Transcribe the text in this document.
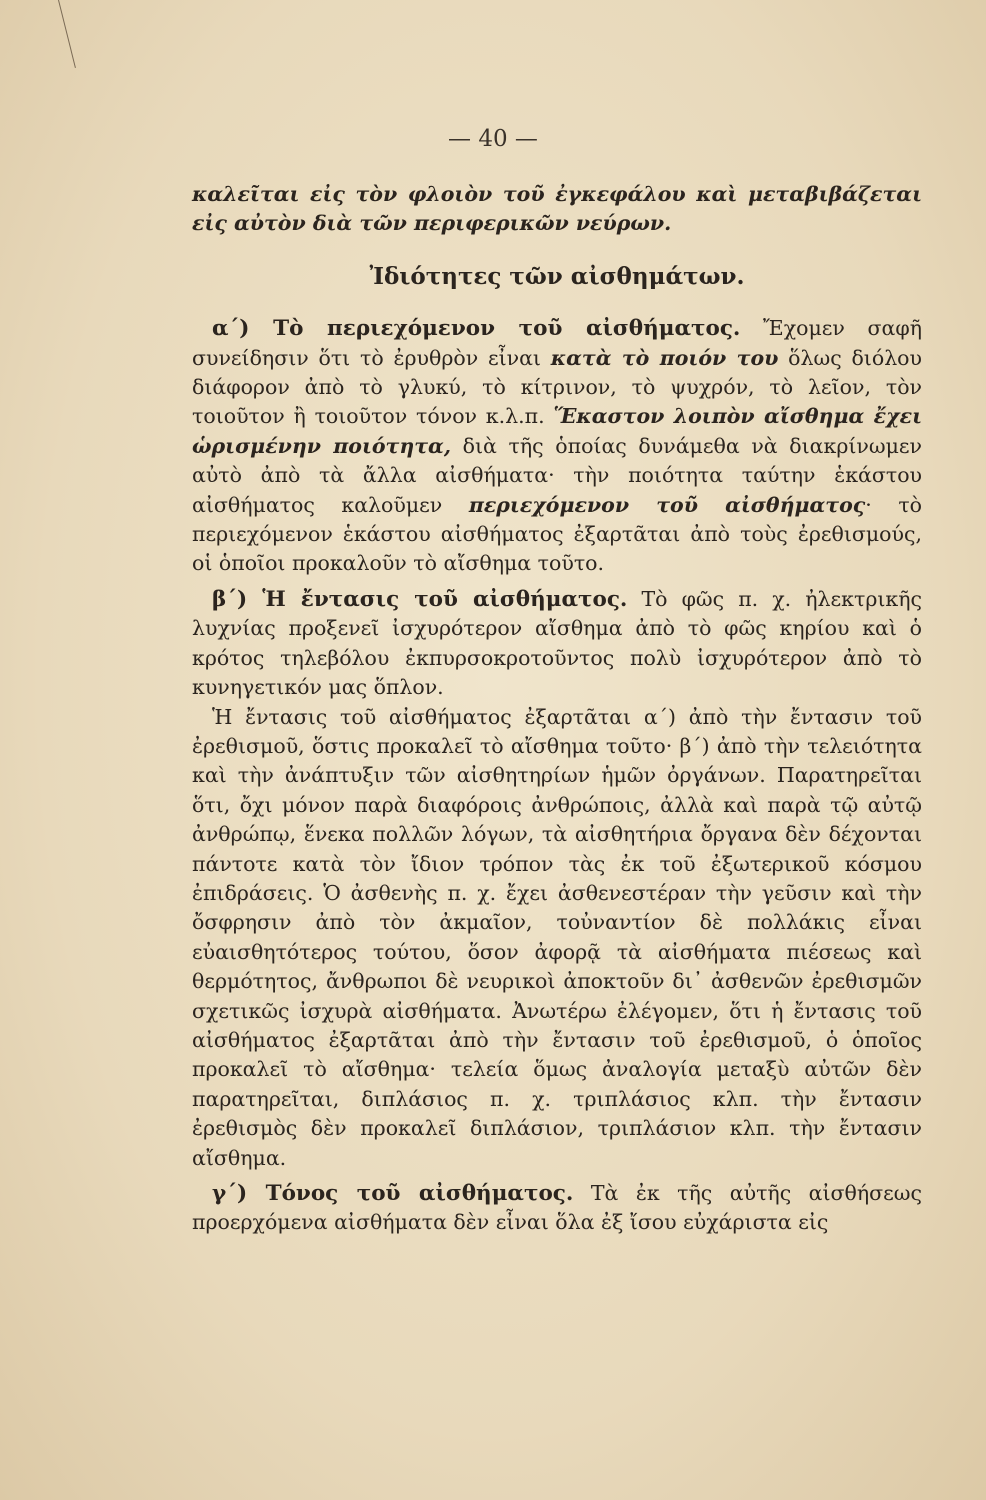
— 40 —

καλεῖται εἰς τὸν φλοιὸν τοῦ ἐγκεφάλου καὶ μεταβιβάζεται εἰς αὐτὸν διὰ τῶν περιφερικῶν νεύρων.

Ἰδιότητες τῶν αἰσθημάτων.

α΄) Τὸ περιεχόμενον τοῦ αἰσθήματος. Ἔχομεν σαφῆ συνείδησιν ὅτι τὸ ἐρυθρὸν εἶναι κατὰ τὸ ποιόν του ὅλως διόλου διάφορον ἀπὸ τὸ γλυκύ, τὸ κίτρινον, τὸ ψυχρόν, τὸ λεῖον, τὸν τοιοῦτον ἢ τοιοῦτον τόνον κ.λ.π. Ἕκαστον λοιπὸν αἴσθημα ἔχει ὡρισμένην ποιότητα, διὰ τῆς ὁποίας δυνάμεθα νὰ διακρίνωμεν αὐτὸ ἀπὸ τὰ ἄλλα αἰσθήματα· τὴν ποιότητα ταύτην ἑκάστου αἰσθήματος καλοῦμεν περιεχόμενον τοῦ αἰσθήματος· τὸ περιεχόμενον ἑκάστου αἰσθήματος ἐξαρτᾶται ἀπὸ τοὺς ἐρεθισμούς, οἱ ὁποῖοι προκαλοῦν τὸ αἴσθημα τοῦτο.

β΄) Ἡ ἔντασις τοῦ αἰσθήματος. Τὸ φῶς π. χ. ἠλεκτρικῆς λυχνίας προξενεῖ ἰσχυρότερον αἴσθημα ἀπὸ τὸ φῶς κηρίου καὶ ὁ κρότος τηλεβόλου ἐκπυρσοκροτοῦντος πολὺ ἰσχυρότερον ἀπὸ τὸ κυνηγετικόν μας ὅπλον.

Ἡ ἔντασις τοῦ αἰσθήματος ἐξαρτᾶται α΄) ἀπὸ τὴν ἔντασιν τοῦ ἐρεθισμοῦ, ὅστις προκαλεῖ τὸ αἴσθημα τοῦτο· β΄) ἀπὸ τὴν τελειότητα καὶ τὴν ἀνάπτυξιν τῶν αἰσθητηρίων ἡμῶν ὀργάνων. Παρατηρεῖται ὅτι, ὄχι μόνον παρὰ διαφόροις ἀνθρώποις, ἀλλὰ καὶ παρὰ τῷ αὐτῷ ἀνθρώπῳ, ἕνεκα πολλῶν λόγων, τὰ αἰσθητήρια ὄργανα δὲν δέχονται πάντοτε κατὰ τὸν ἴδιον τρόπον τὰς ἐκ τοῦ ἐξωτερικοῦ κόσμου ἐπιδράσεις. Ὁ ἀσθενὴς π. χ. ἔχει ἀσθενεστέραν τὴν γεῦσιν καὶ τὴν ὄσφρησιν ἀπὸ τὸν ἀκμαῖον, τοὐναντίον δὲ πολλάκις εἶναι εὐαισθητότερος τούτου, ὅσον ἀφορᾷ τὰ αἰσθήματα πιέσεως καὶ θερμότητος, ἄνθρωποι δὲ νευρικοὶ ἀποκτοῦν δι᾽ ἀσθενῶν ἐρεθισμῶν σχετικῶς ἰσχυρὰ αἰσθήματα. Ἀνωτέρω ἐλέγομεν, ὅτι ἡ ἔντασις τοῦ αἰσθήματος ἐξαρτᾶται ἀπὸ τὴν ἔντασιν τοῦ ἐρεθισμοῦ, ὁ ὁποῖος προκαλεῖ τὸ αἴσθημα· τελεία ὅμως ἀναλογία μεταξὺ αὐτῶν δὲν παρατηρεῖται, διπλάσιος π. χ. τριπλάσιος κλπ. τὴν ἔντασιν ἐρεθισμὸς δὲν προκαλεῖ διπλάσιον, τριπλάσιον κλπ. τὴν ἔντασιν αἴσθημα.

γ΄) Τόνος τοῦ αἰσθήματος. Τὰ ἐκ τῆς αὐτῆς αἰσθήσεως προερχόμενα αἰσθήματα δὲν εἶναι ὅλα ἐξ ἴσου εὐχάριστα εἰς
